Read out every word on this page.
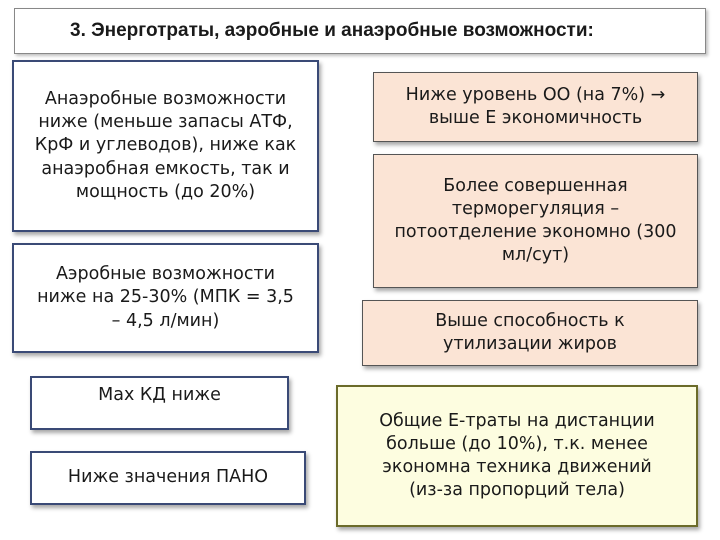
3. Энерготраты, аэробные и анаэробные возможности:
Анаэробные возможности ниже (меньше запасы АТФ, КрФ и углеводов), ниже как анаэробная емкость, так и мощность (до 20%)
Аэробные возможности ниже на 25-30% (МПК = 3,5 – 4,5 л/мин)
Max КД ниже
Ниже значения ПАНО
Ниже уровень ОО (на 7%) → выше Е экономичность
Более совершенная терморегуляция – потоотделение экономно (300 мл/сут)
Выше способность к утилизации жиров
Общие Е-траты на дистанции больше (до 10%), т.к. менее экономна техника движений (из-за пропорций тела)
